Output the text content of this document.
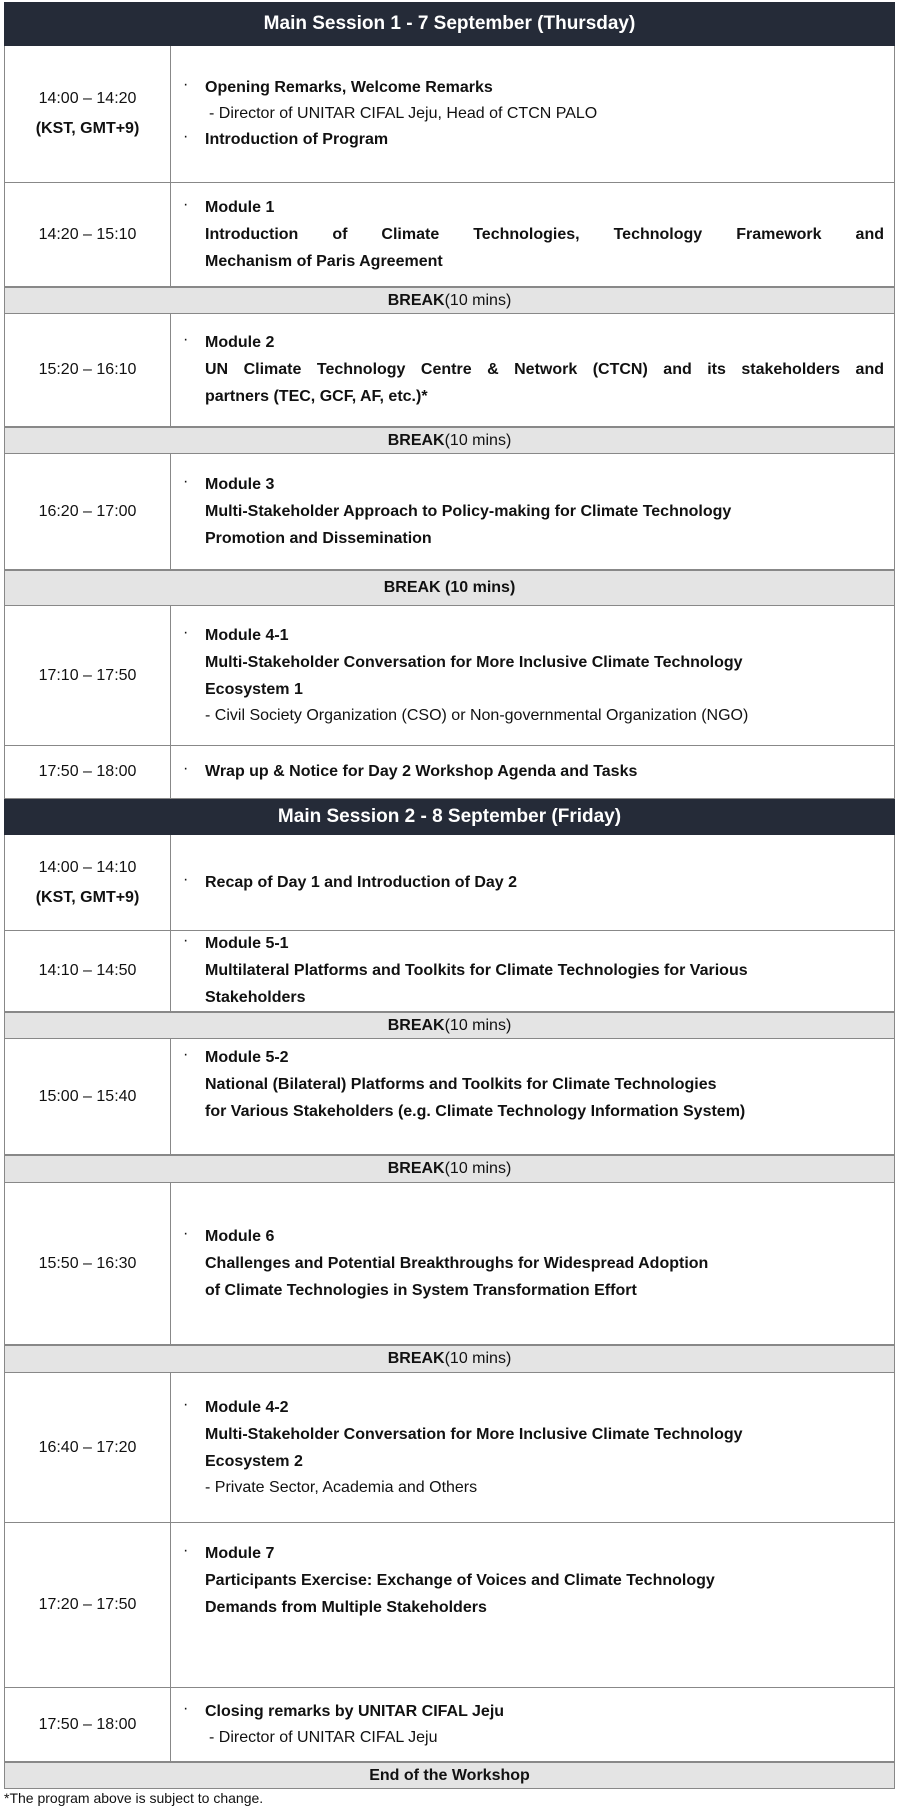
Main Session 1 - 7 September (Thursday)
14:00 – 14:20
(KST, GMT+9)
· Opening Remarks, Welcome Remarks
- Director of UNITAR CIFAL Jeju, Head of CTCN PALO
· Introduction of Program
14:20 – 15:10
· Module 1
Introduction of Climate Technologies, Technology Framework and
Mechanism of Paris Agreement
BREAK (10 mins)
15:20 – 16:10
· Module 2
UN Climate Technology Centre & Network (CTCN) and its stakeholders and
partners (TEC, GCF, AF, etc.)*
BREAK (10 mins)
16:20 – 17:00
· Module 3
Multi-Stakeholder Approach to Policy-making for Climate Technology
Promotion and Dissemination
BREAK (10 mins)
17:10 – 17:50
· Module 4-1
Multi-Stakeholder Conversation for More Inclusive Climate Technology
Ecosystem 1
- Civil Society Organization (CSO) or Non-governmental Organization (NGO)
17:50 – 18:00	· Wrap up & Notice for Day 2 Workshop Agenda and Tasks
Main Session 2 - 8 September (Friday)
14:00 – 14:10
(KST, GMT+9)
· Recap of Day 1 and Introduction of Day 2
14:10 – 14:50
· Module 5-1
Multilateral Platforms and Toolkits for Climate Technologies for Various
Stakeholders
BREAK (10 mins)
15:00 – 15:40
· Module 5-2
National (Bilateral) Platforms and Toolkits for Climate Technologies
for Various Stakeholders (e.g. Climate Technology Information System)
BREAK (10 mins)
15:50 – 16:30
· Module 6
Challenges and Potential Breakthroughs for Widespread Adoption
of Climate Technologies in System Transformation Effort
BREAK (10 mins)
16:40 – 17:20
· Module 4-2
Multi-Stakeholder Conversation for More Inclusive Climate Technology
Ecosystem 2
- Private Sector, Academia and Others
17:20 – 17:50
· Module 7
Participants Exercise: Exchange of Voices and Climate Technology
Demands from Multiple Stakeholders
17:50 – 18:00
· Closing remarks by UNITAR CIFAL Jeju
- Director of UNITAR CIFAL Jeju
End of the Workshop
*The program above is subject to change.
